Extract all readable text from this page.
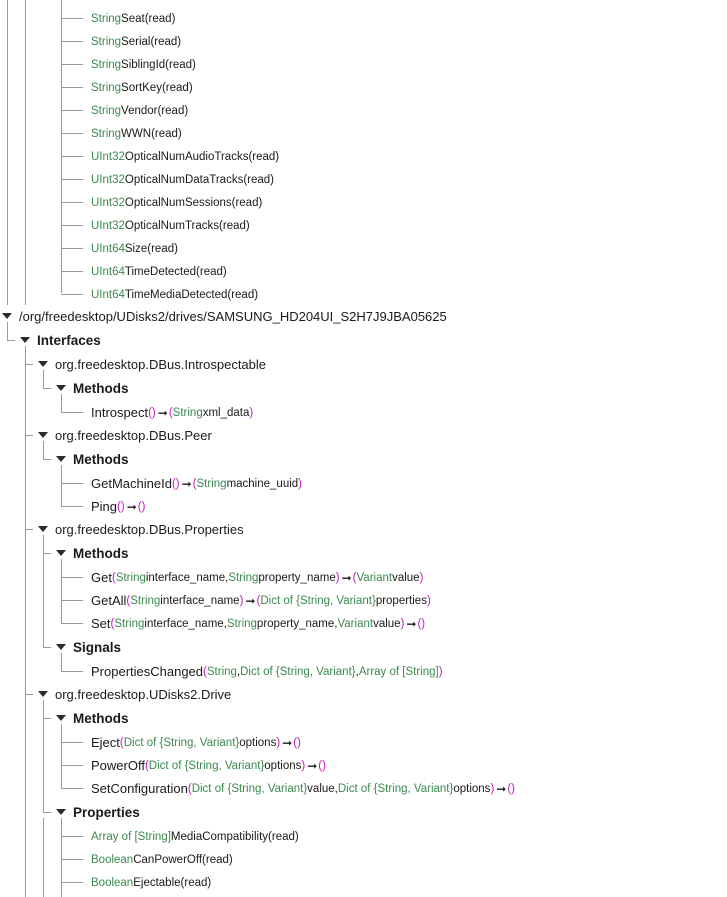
String Seat (read)
String Serial (read)
String SiblingId (read)
String SortKey (read)
String Vendor (read)
String WWN (read)
UInt32 OpticalNumAudioTracks (read)
UInt32 OpticalNumDataTracks (read)
UInt32 OpticalNumSessions (read)
UInt32 OpticalNumTracks (read)
UInt64 Size (read)
UInt64 TimeDetected (read)
UInt64 TimeMediaDetected (read)
/org/freedesktop/UDisks2/drives/SAMSUNG_HD204UI_S2H7J9JBA05625
Interfaces
org.freedesktop.DBus.Introspectable
Methods
Introspect () ➞ ( String xml_data )
org.freedesktop.DBus.Peer
Methods
GetMachineId () ➞ ( String machine_uuid )
Ping () ➞ ()
org.freedesktop.DBus.Properties
Methods
Get ( String interface_name, String property_name ) ➞ ( Variant value )
GetAll ( String interface_name ) ➞ ( Dict of {String, Variant} properties )
Set ( String interface_name, String property_name, Variant value ) ➞ ()
Signals
PropertiesChanged ( String , Dict of {String, Variant} , Array of [String] )
org.freedesktop.UDisks2.Drive
Methods
Eject ( Dict of {String, Variant} options ) ➞ ()
PowerOff ( Dict of {String, Variant} options ) ➞ ()
SetConfiguration ( Dict of {String, Variant} value, Dict of {String, Variant} options ) ➞ ()
Properties
Array of [String] MediaCompatibility (read)
Boolean CanPowerOff (read)
Boolean Ejectable (read)
